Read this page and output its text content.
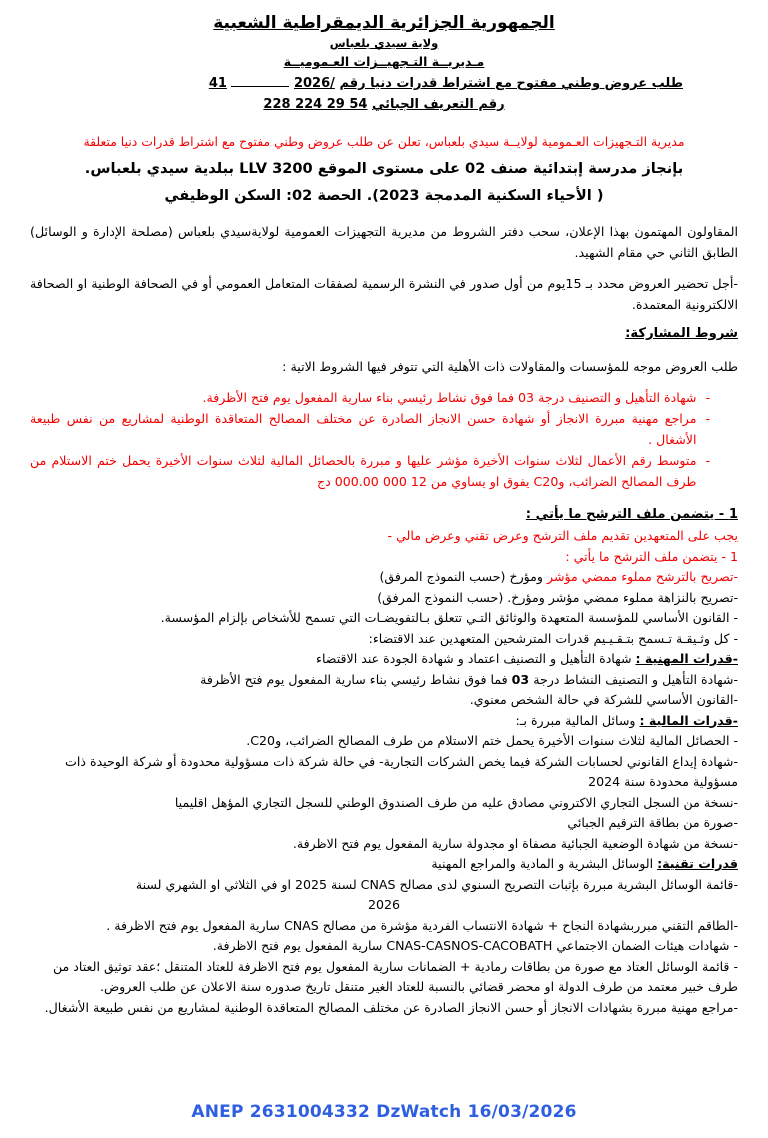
الجمهورية الجزائرية الديمقراطية الشعبية
ولاية سيدي بلعباس
مـديريــة التـجهيــزات العـموميــة
طلب عروض وطني مفتوح مع اشتراط قدرات دنيا رقم 41	2026/
رقم التعريف الجبائي 228 224 29 54
مديرية التـجهيزات العـمومية لولايــة سيدي بلعباس، تعلن عن طلب عروض وطني مفتوح مع اشتراط قدرات دنيا متعلقة
بإنجاز مدرسة إبتدائية صنف 02 على مستوى الموقع 3200 LLV ببلدية سيدي بلعباس.
( الأحياء السكنية المدمجة 2023). الحصة 02: السكن الوظيفي
المقاولون المهتمون بهذا الإعلان، سحب دفتر الشروط من مديرية التجهيزات العمومية لولايةسيدي بلعباس (مصلحة الإدارة و الوسائل) الطابق الثاني حي مقام الشهيد.
-أجل تحضير العروض محدد بـ 15يوم من أول صدور في النشرة الرسمية لصفقات المتعامل العمومي أو في الصحافة الوطنية او الصحافة الالكترونية المعتمدة.
شروط المشاركة:
طلب العروض موجه للمؤسسات والمقاولات ذات الأهلية التي تتوفر فيها الشروط الاتية :
-
شهادة التأهيل و التصنيف درجة 03 فما فوق نشاط رئيسي بناء سارية المفعول يوم فتح الأظرفة.
-
مراجع مهنية مبررة الانجاز أو شهادة حسن الانجاز الصادرة عن مختلف المصالح المتعاقدة الوطنية لمشاريع من نفس طبيعة الأشغال .
-
متوسط رقم الأعمال لثلاث سنوات الأخيرة مؤشر عليها و مبررة بالحصائل المالية لثلاث سنوات الأخيرة يحمل ختم الاستلام من طرف المصالح الضرائب، وC20 يفوق او يساوي من 12 000 000.00 دج
1 - يتضمن ملف الترشح ما يأتي :
يجب على المتعهدين تقديم ملف الترشح وعرض تقني وعرض مالي -
1 - يتضمن ملف الترشح ما يأتي :
-تصريح بالترشح مملوء ممضي مؤشر ومؤرخ (حسب النموذج المرفق)
-تصريح بالنزاهة مملوء ممضي مؤشر ومؤرخ. (حسب النموذج المرفق)
- القانون الأساسي للمؤسسة المتعهدة والوثائق التـي تتعلق بـالتفويضـات التي تسمح للأشخاص بإلزام المؤسسة.
- كل وثـيقـة تـسمح بتـقـيـيم قدرات المترشحين المتعهدين عند الاقتضاء:
-قدرات المهنية : شهادة التأهيل و التصنيف اعتماد و شهادة الجودة عند الاقتضاء
-شهادة التأهيل و التصنيف النشاط درجة 03 فما فوق نشاط رئيسي بناء سارية المفعول يوم فتح الأظرفة
-القانون الأساسي للشركة في حالة الشخص معنوي.
-قدرات المالية : وسائل المالية مبررة بـ:
- الحصائل المالية لثلاث سنوات الأخيرة يحمل ختم الاستلام من طرف المصالح الضرائب، وC20.
-شهادة إيداع القانوني لحسابات الشركة فيما يخص الشركات التجارية- في حالة شركة ذات مسؤولية محدودة أو شركة الوحيدة ذات مسؤولية محدودة سنة 2024
-نسخة من السجل التجاري الاكتروني مصادق عليه من طرف الصندوق الوطني للسجل التجاري المؤهل اقليميا
-صورة من بطاقة الترقيم الجبائي
-نسخة من شهادة الوضعية الجبائية مصفاة او مجدولة سارية المفعول يوم فتح الاظرفة.
قدرات تقنية: الوسائل البشرية و المادية والمراجع المهنية
-قائمة الوسائل البشرية مبررة بإثبات التصريح السنوي لدى مصالح CNAS لسنة 2025 او في الثلاثي او الشهري لسنة
2026
-الطاقم التقني مبرربشهادة النجاح + شهادة الانتساب الفردية مؤشرة من مصالح CNAS سارية المفعول يوم فتح الاظرفة .
- شهادات هيئات الضمان الاجتماعي CNAS-CASNOS-CACOBATH سارية المفعول يوم فتح الاظرفة.
- قائمة الوسائل العتاد مع صورة من بطاقات رمادية + الضمانات سارية المفعول يوم فتح الاظرفة للعتاد المتنقل ؛عقد توثيق العتاد من طرف خبير معتمد من طرف الدولة او محضر قضائي بالنسبة للعتاد الغير متنقل تاريخ صدوره سنة الاعلان عن طلب العروض.
-مراجع مهنية مبررة بشهادات الانجاز أو حسن الانجاز الصادرة عن مختلف المصالح المتعاقدة الوطنية لمشاريع من نفس طبيعة الأشغال.
ANEP 2631004332 DzWatch 16/03/2026
